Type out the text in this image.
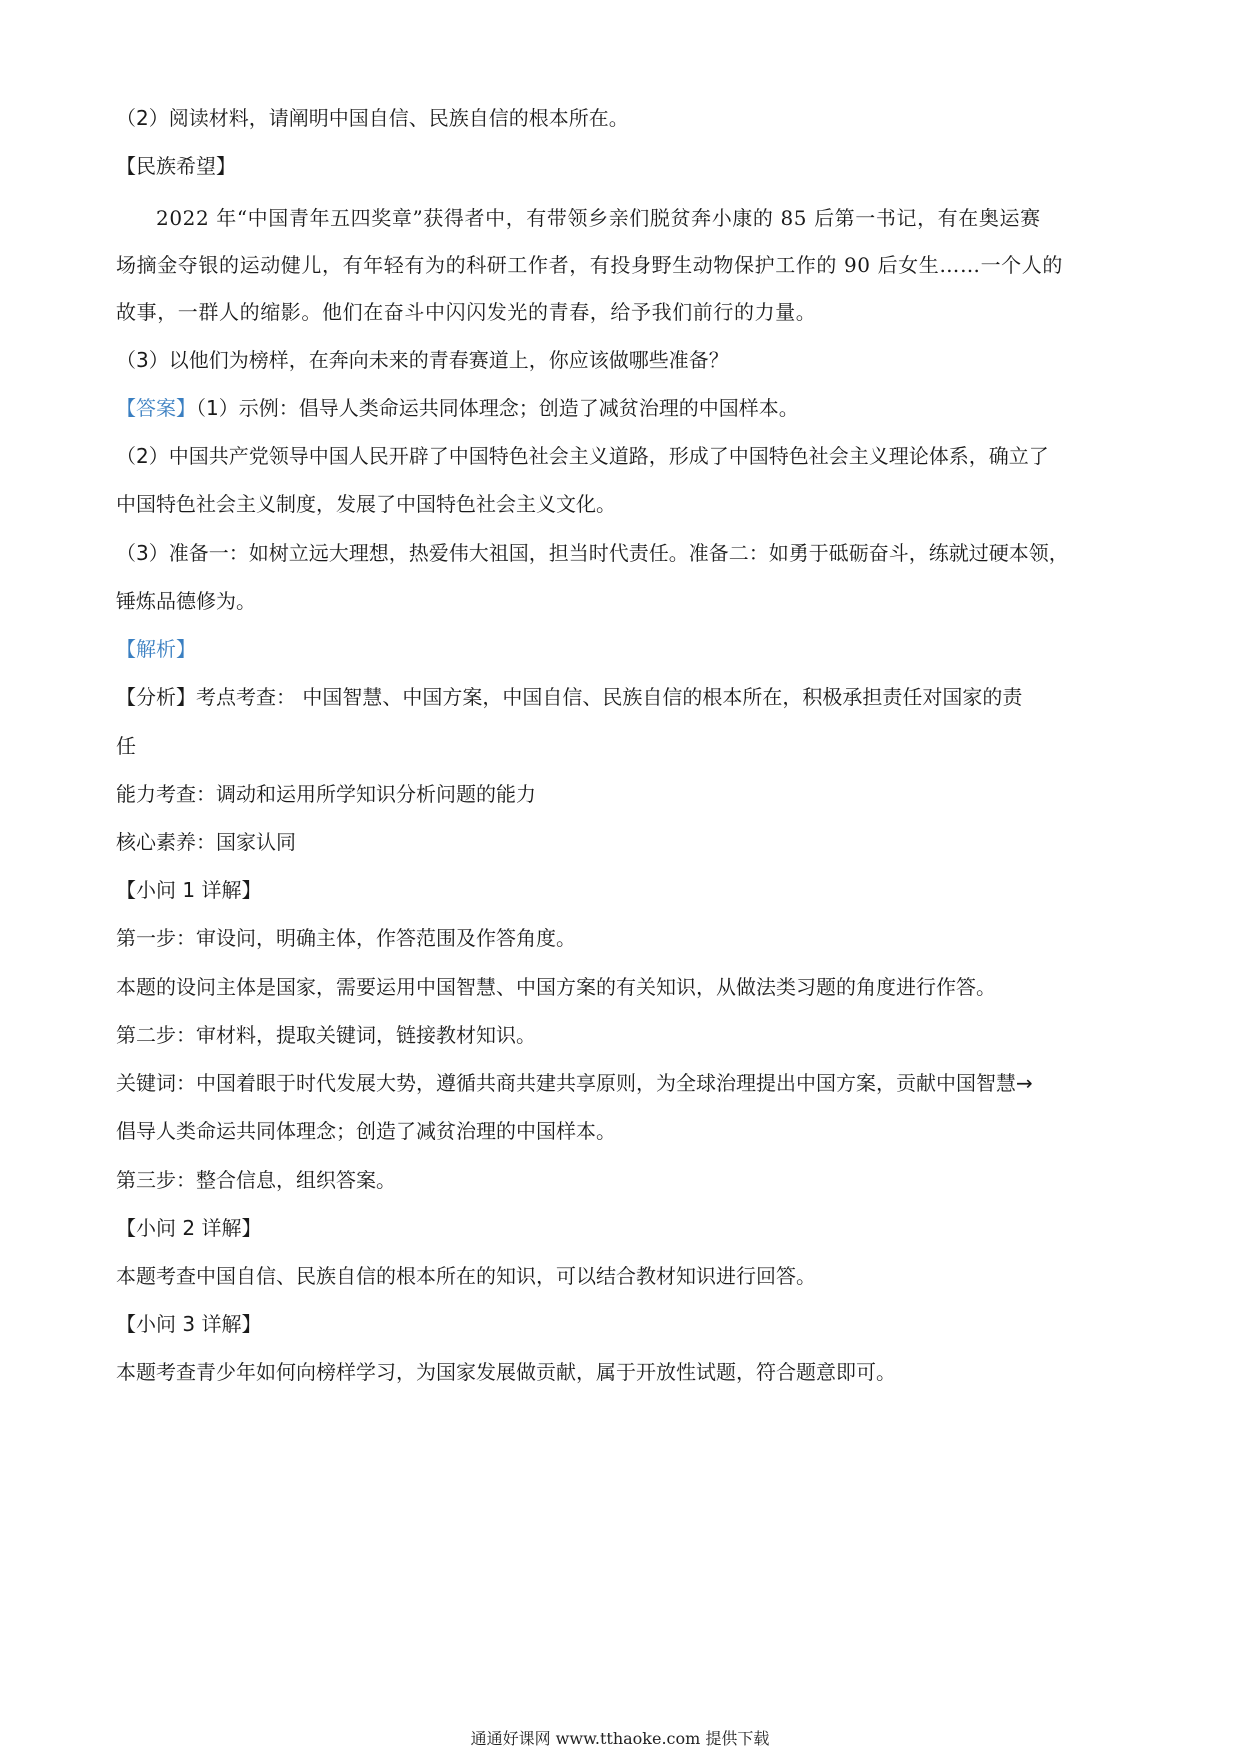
（2）阅读材料，请阐明中国自信、民族自信的根本所在。
【民族希望】
2022 年“中国青年五四奖章”获得者中，有带领乡亲们脱贫奔小康的 85 后第一书记，有在奥运赛
场摘金夺银的运动健儿，有年轻有为的科研工作者，有投身野生动物保护工作的 90 后女生……一个人的
故事，一群人的缩影。他们在奋斗中闪闪发光的青春，给予我们前行的力量。
（3）以他们为榜样，在奔向未来的青春赛道上，你应该做哪些准备？
【答案】（1）示例：倡导人类命运共同体理念；创造了减贫治理的中国样本。
（2）中国共产党领导中国人民开辟了中国特色社会主义道路，形成了中国特色社会主义理论体系，确立了
中国特色社会主义制度，发展了中国特色社会主义文化。
（3）准备一：如树立远大理想，热爱伟大祖国，担当时代责任。准备二：如勇于砥砺奋斗，练就过硬本领，
锤炼品德修为。
【解析】
【分析】考点考查： 中国智慧、中国方案，中国自信、民族自信的根本所在，积极承担责任对国家的责
任
能力考查：调动和运用所学知识分析问题的能力
核心素养：国家认同
【小问 1 详解】
第一步：审设问，明确主体，作答范围及作答角度。
本题的设问主体是国家，需要运用中国智慧、中国方案的有关知识，从做法类习题的角度进行作答。
第二步：审材料，提取关键词，链接教材知识。
关键词：中国着眼于时代发展大势，遵循共商共建共享原则，为全球治理提出中国方案，贡献中国智慧→
倡导人类命运共同体理念；创造了减贫治理的中国样本。
第三步：整合信息，组织答案。
【小问 2 详解】
本题考查中国自信、民族自信的根本所在的知识，可以结合教材知识进行回答。
【小问 3 详解】
本题考查青少年如何向榜样学习，为国家发展做贡献，属于开放性试题，符合题意即可。
通通好课网 www.tthaoke.com 提供下载
